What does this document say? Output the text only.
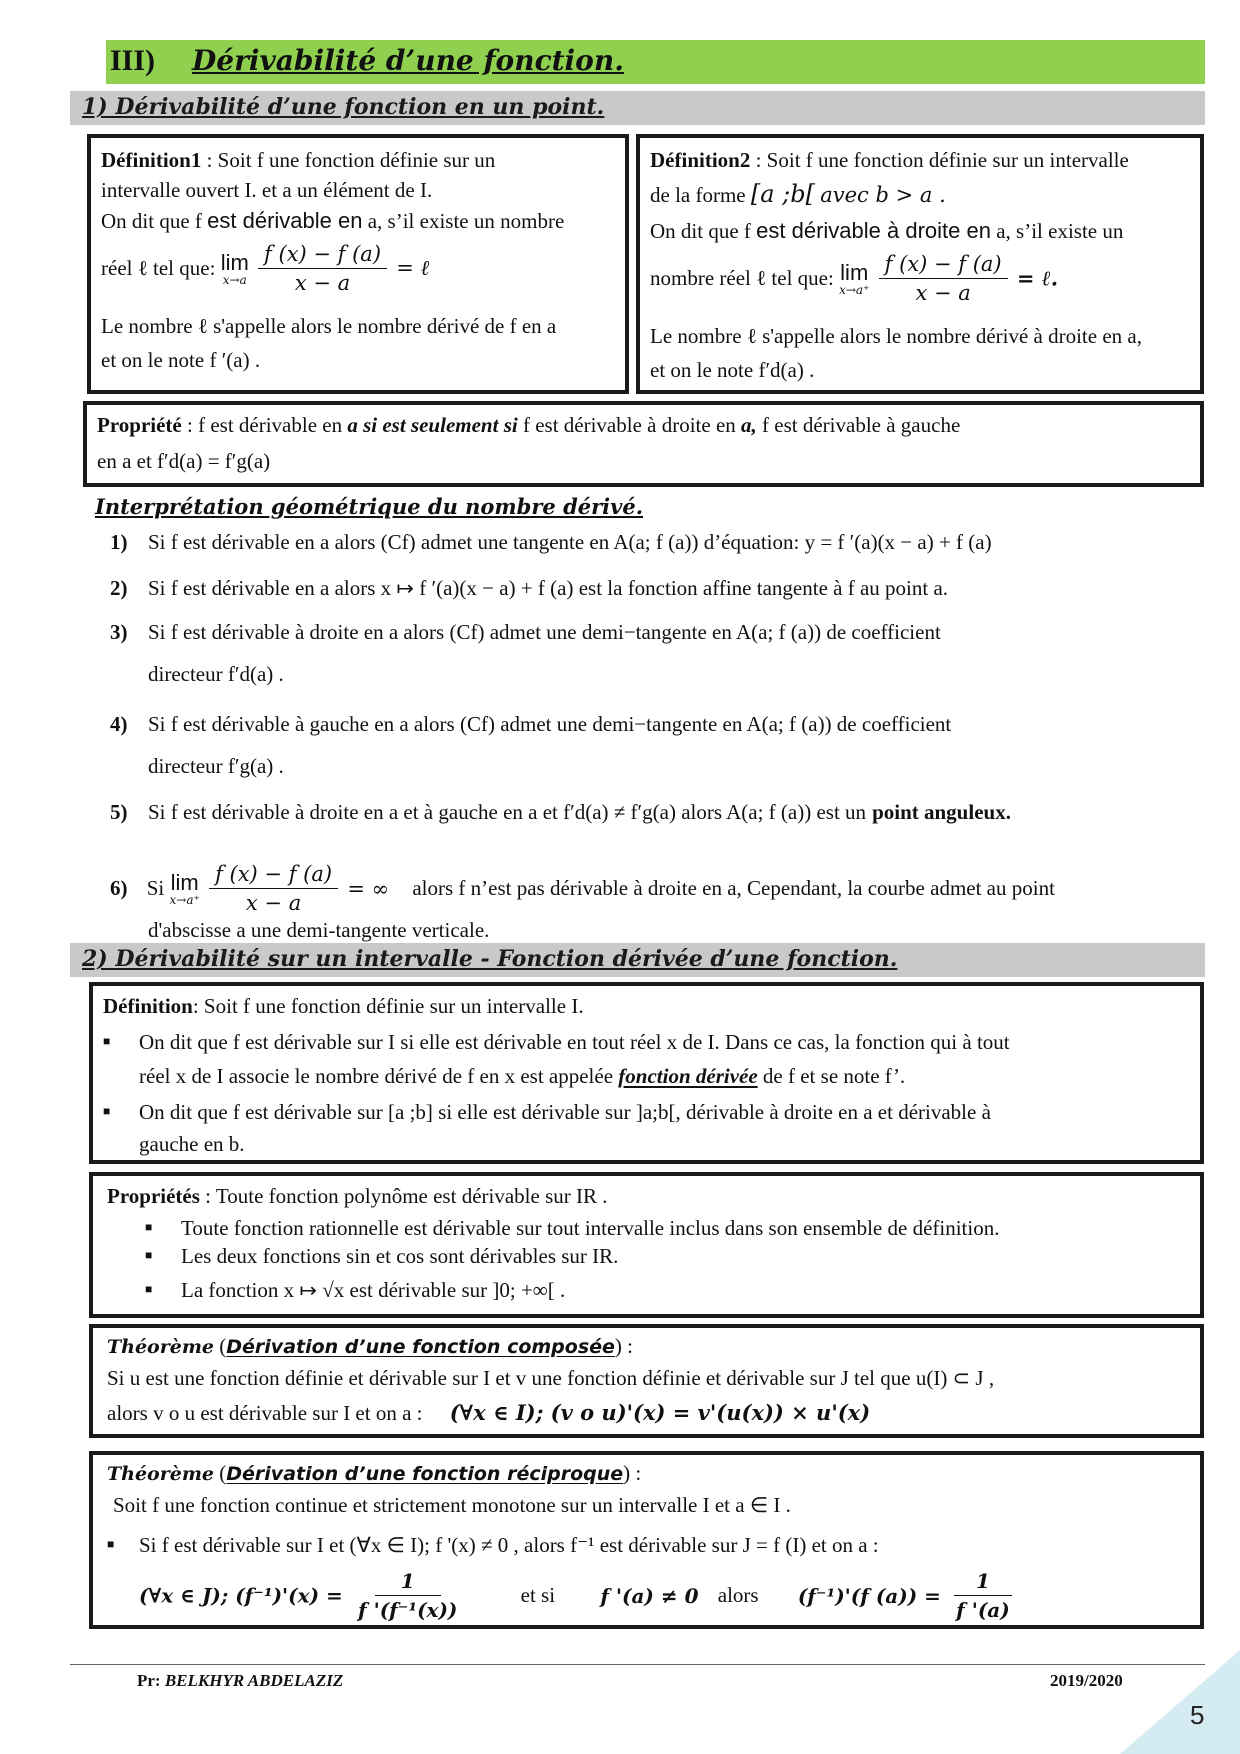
III) Dérivabilité d’une fonction.
1) Dérivabilité d’une fonction en un point.
Définition1 : Soit f une fonction définie sur un
intervalle ouvert I. et a un élément de I.
On dit que f est dérivable en a, s’il existe un nombre
réel ℓ tel que: lim
x→a
$\frac{f (x) - f (a)}{x - a}$ = ℓ
Le nombre ℓ s'appelle alors le nombre dérivé de f en a
et on le note f ′(a) .
Définition2 : Soit f une fonction définie sur un intervalle
de la forme [a ;b[ avec b > a .
On dit que f est dérivable à droite en a, s’il existe un
nombre réel ℓ tel que: lim
x→a⁺
$\frac{f (x) - f (a)}{x - a}$ = ℓ.
Le nombre ℓ s'appelle alors le nombre dérivé à droite en a,
et on le note f′d(a) .
Propriété : f est dérivable en a si est seulement si f est dérivable à droite en a, f est dérivable à gauche
en a et f′d(a) = f′g(a)
Interprétation géométrique du nombre dérivé.
1) Si f est dérivable en a alors (Cf) admet une tangente en A(a; f (a)) d’équation: y = f ′(a)(x − a) + f (a)
2) Si f est dérivable en a alors x ↦ f ′(a)(x − a) + f (a) est la fonction affine tangente à f au point a.
3) Si f est dérivable à droite en a alors (Cf) admet une demi−tangente en A(a; f (a)) de coefficient
directeur f′d(a) .
4) Si f est dérivable à gauche en a alors (Cf) admet une demi−tangente en A(a; f (a)) de coefficient
directeur f′g(a) .
5) Si f est dérivable à droite en a et à gauche en a et f′d(a) ≠ f′g(a) alors A(a; f (a)) est un point anguleux.
6) Si lim
x→a⁺
$\frac{f (x) - f (a)}{x - a}$ = ∞ alors f n’est pas dérivable à droite en a, Cependant, la courbe admet au point
d'abscisse a une demi-tangente verticale.
2) Dérivabilité sur un intervalle - Fonction dérivée d’une fonction.
Définition: Soit f une fonction définie sur un intervalle I.
■ On dit que f est dérivable sur I si elle est dérivable en tout réel x de I. Dans ce cas, la fonction qui à tout
réel x de I associe le nombre dérivé de f en x est appelée fonction dérivée de f et se note f’.
■ On dit que f est dérivable sur [a ;b] si elle est dérivable sur ]a;b[, dérivable à droite en a et dérivable à
gauche en b.
Propriétés : Toute fonction polynôme est dérivable sur IR .
■ Toute fonction rationnelle est dérivable sur tout intervalle inclus dans son ensemble de définition.
■ Les deux fonctions sin et cos sont dérivables sur IR.
■ La fonction x ↦ √x est dérivable sur ]0; +∞[ .
Théorème (Dérivation d’une fonction composée) :
Si u est une fonction définie et dérivable sur I et v une fonction définie et dérivable sur J tel que u(I) ⊂ J ,
alors v o u est dérivable sur I et on a : (∀x ∈ I); (v o u)'(x) = v'(u(x)) × u'(x)
Théorème (Dérivation d’une fonction réciproque) :
Soit f une fonction continue et strictement monotone sur un intervalle I et a ∈ I .
■ Si f est dérivable sur I et (∀x ∈ I); f '(x) ≠ 0 , alors f⁻¹ est dérivable sur J = f (I) et on a :
(∀x ∈ J); $(f^{-1})'(x) = \frac{1}{\text{f '(f⁻¹(x))}}$	et si f '(a) ≠ 0 alors (f⁻¹)'(f $(a)) = \frac{1}{f '(a)}$
Pr: BELKHYR ABDELAZIZ	2019/2020
5
